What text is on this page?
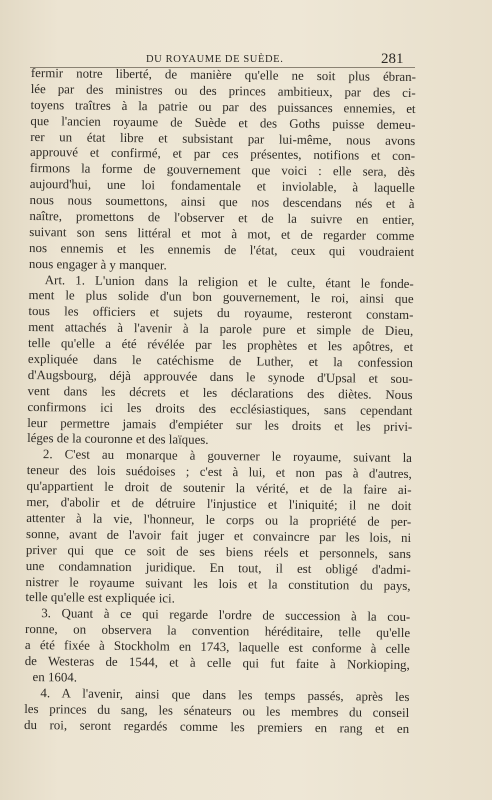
DU ROYAUME DE SUÈDE.	281
fermir notre liberté, de manière qu'elle ne soit plus ébran-
lée par des ministres ou des princes ambitieux, par des ci-
toyens traîtres à la patrie ou par des puissances ennemies, et
que l'ancien royaume de Suède et des Goths puisse demeu-
rer un état libre et subsistant par lui-même, nous avons
approuvé et confirmé, et par ces présentes, notifions et con-
firmons la forme de gouvernement que voici : elle sera, dès
aujourd'hui, une loi fondamentale et inviolable, à laquelle
nous nous soumettons, ainsi que nos descendans nés et à
naître, promettons de l'observer et de la suivre en entier,
suivant son sens littéral et mot à mot, et de regarder comme
nos ennemis et les ennemis de l'état, ceux qui voudraient
nous engager à y manquer.
Art. 1. L'union dans la religion et le culte, étant le fonde-
ment le plus solide d'un bon gouvernement, le roi, ainsi que
tous les officiers et sujets du royaume, resteront constam-
ment attachés à l'avenir à la parole pure et simple de Dieu,
telle qu'elle a été révélée par les prophètes et les apôtres, et
expliquée dans le catéchisme de Luther, et la confession
d'Augsbourg, déjà approuvée dans le synode d'Upsal et sou-
vent dans les décrets et les déclarations des diètes. Nous
confirmons ici les droits des ecclésiastiques, sans cependant
leur permettre jamais d'empiéter sur les droits et les privi-
léges de la couronne et des laïques.
2. C'est au monarque à gouverner le royaume, suivant la
teneur des lois suédoises ; c'est à lui, et non pas à d'autres,
qu'appartient le droit de soutenir la vérité, et de la faire ai-
mer, d'abolir et de détruire l'injustice et l'iniquité; il ne doit
attenter à la vie, l'honneur, le corps ou la propriété de per-
sonne, avant de l'avoir fait juger et convaincre par les lois, ni
priver qui que ce soit de ses biens réels et personnels, sans
une condamnation juridique. En tout, il est obligé d'admi-
nistrer le royaume suivant les lois et la constitution du pays,
telle qu'elle est expliquée ici.
3. Quant à ce qui regarde l'ordre de succession à la cou-
ronne, on observera la convention héréditaire, telle qu'elle
a été fixée à Stockholm en 1743, laquelle est conforme à celle
de Westeras de 1544, et à celle qui fut faite à Norkioping,
en 1604.
4. A l'avenir, ainsi que dans les temps passés, après les
les princes du sang, les sénateurs ou les membres du conseil
du roi, seront regardés comme les premiers en rang et en
